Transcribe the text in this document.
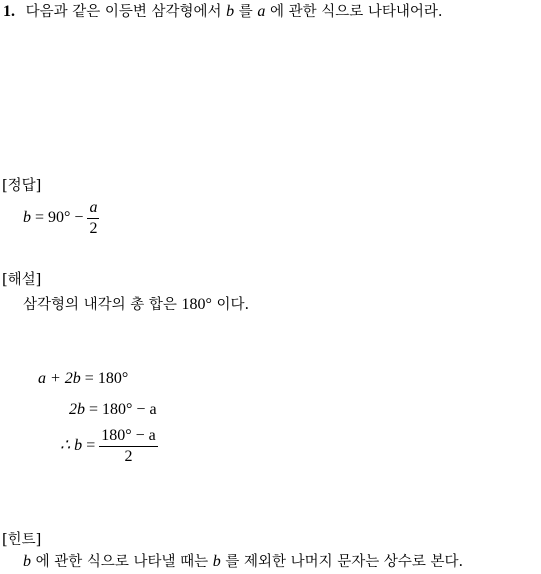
1. 다음과 같은 이등변 삼각형에서 b 를 a 에 관한 식으로 나타내어라.
[정답]
$b = 90^\circ - \frac{a}{2}$
[해설]
삼각형의 내각의 총 합은 180° 이다.
a + 2b = 180°
2b = 180° − a
∴ $b = \frac{180^\circ - a}{2}$
[힌트]
b 에 관한 식으로 나타낼 때는 b 를 제외한 나머지 문자는 상수로 본다.
